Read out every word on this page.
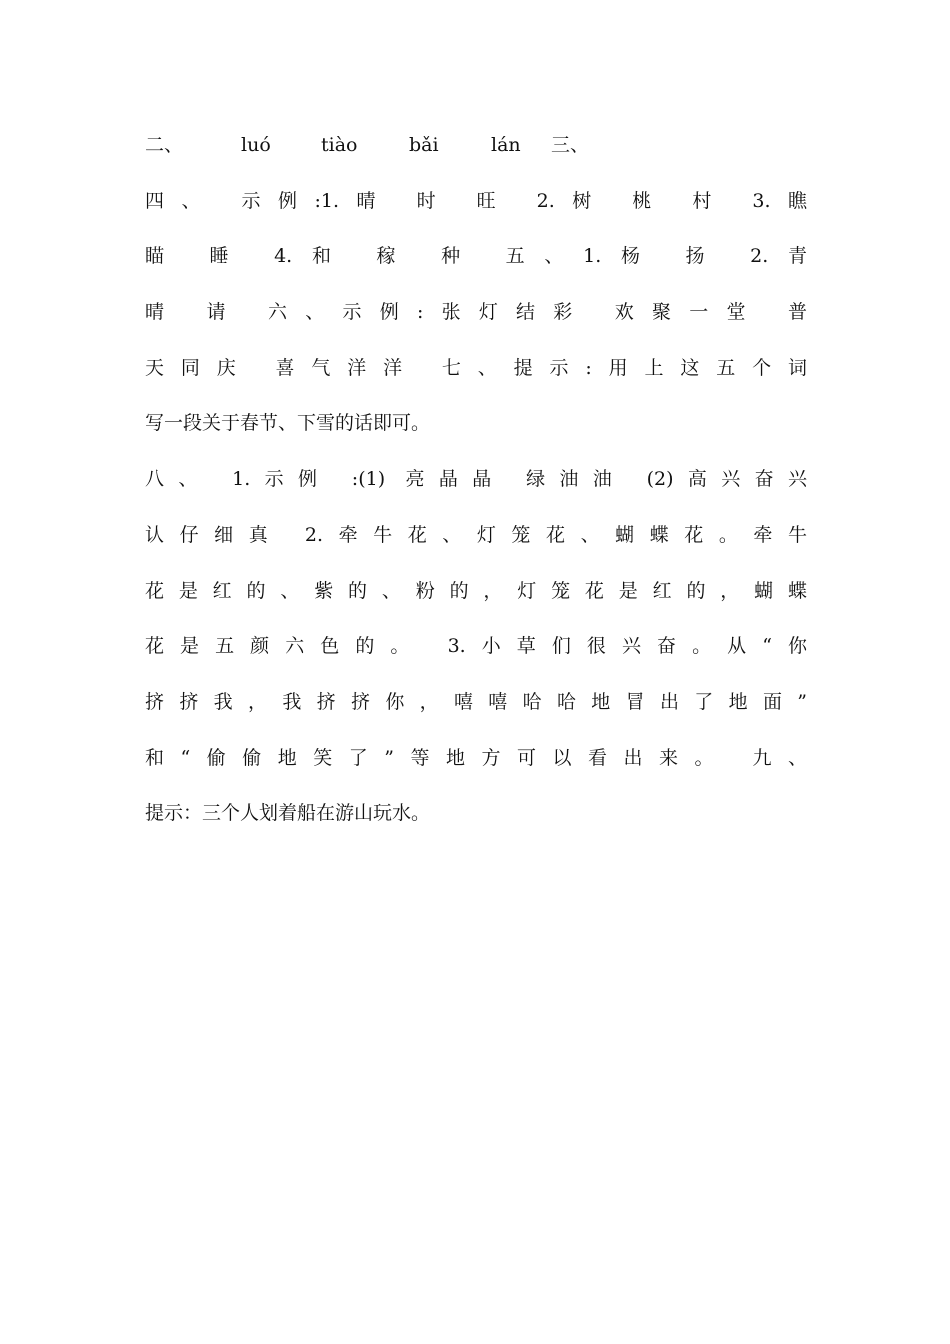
二、	luó	tiào	bǎi	lán	三、
四、 示例:1.晴 时 旺 2.树 桃 村 3.瞧
瞄 睡 4.和 稼 种 五、1.杨 扬 2.青
晴 请 六、示例:张灯结彩 欢聚一堂 普
天同庆 喜气洋洋 七、提示:用上这五个词
写一段关于春节、下雪的话即可。
八、 1.示例 :(1) 亮晶晶 绿油油 (2)高兴奋兴
认仔细真 2.牵牛花、灯笼花、蝴蝶花。牵牛
花是红的、紫的、粉的，灯笼花是红的，蝴蝶
花是五颜六色的。 3.小草们很兴奋。从“你
挤挤我，我挤挤你，嘻嘻哈哈地冒出了地面”
和“偷偷地笑了”等地方可以看出来。 九、
提示：三个人划着船在游山玩水。
